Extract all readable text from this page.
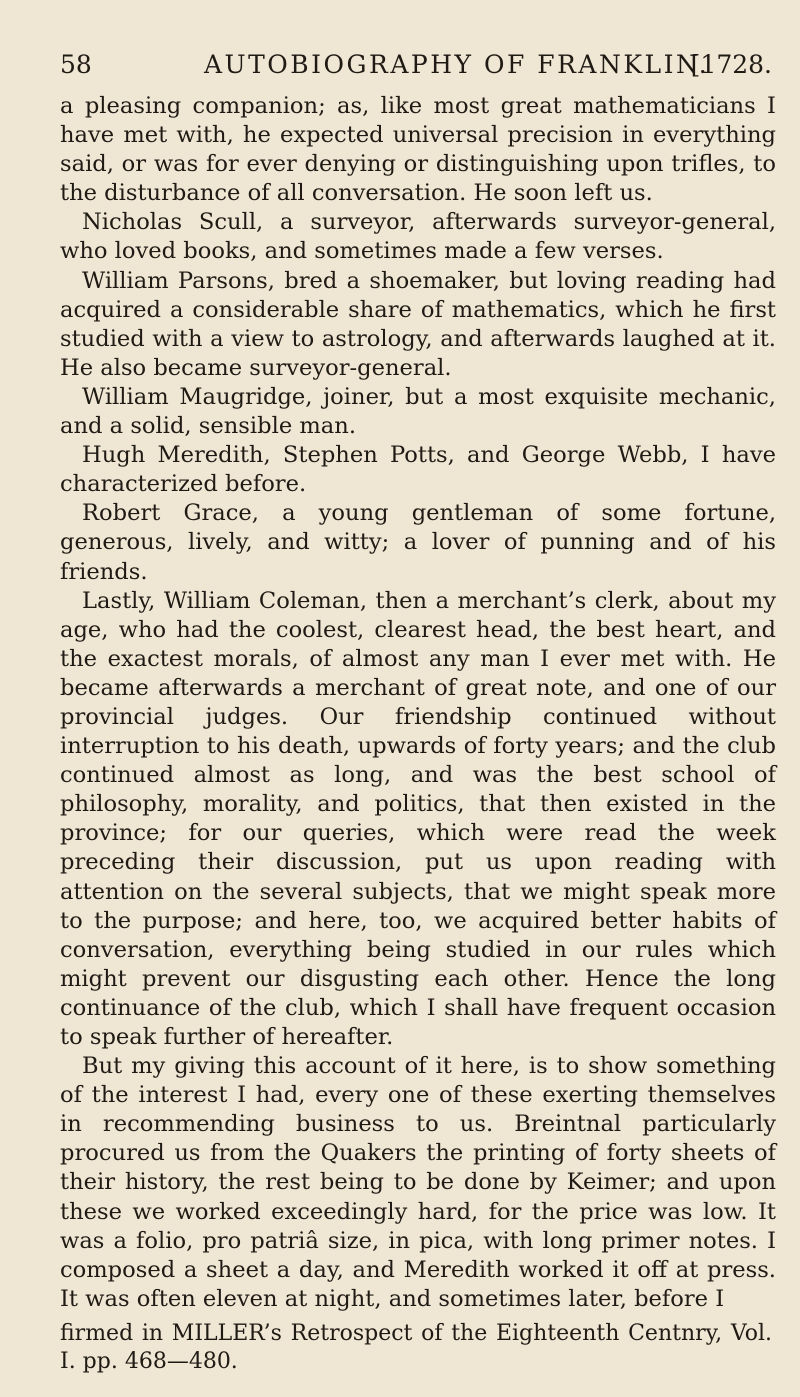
58	AUTOBIOGRAPHY OF FRANKLIN.
[1728.

a pleasing companion; as, like most great mathematicians I have met with, he expected universal precision in everything said, or was for ever denying or distinguishing upon trifles, to the disturbance of all conversation. He soon left us.

Nicholas Scull, a surveyor, afterwards surveyor-general, who loved books, and sometimes made a few verses.

William Parsons, bred a shoemaker, but loving reading had acquired a considerable share of mathematics, which he first studied with a view to astrology, and afterwards laughed at it. He also became surveyor-general.

William Maugridge, joiner, but a most exquisite mechanic, and a solid, sensible man.

Hugh Meredith, Stephen Potts, and George Webb, I have characterized before.

Robert Grace, a young gentleman of some fortune, generous, lively, and witty; a lover of punning and of his friends.

Lastly, William Coleman, then a merchant’s clerk, about my age, who had the coolest, clearest head, the best heart, and the exactest morals, of almost any man I ever met with. He became afterwards a merchant of great note, and one of our provincial judges. Our friendship continued without interruption to his death, upwards of forty years; and the club continued almost as long, and was the best school of philosophy, morality, and politics, that then existed in the province; for our queries, which were read the week preceding their discussion, put us upon reading with attention on the several subjects, that we might speak more to the purpose; and here, too, we acquired better habits of conversation, everything being studied in our rules which might prevent our disgusting each other. Hence the long continuance of the club, which I shall have frequent occasion to speak further of hereafter.

But my giving this account of it here, is to show something of the interest I had, every one of these exerting themselves in recommending business to us. Breintnal particularly procured us from the Quakers the printing of forty sheets of their history, the rest being to be done by Keimer; and upon these we worked exceedingly hard, for the price was low. It was a folio, pro patriâ size, in pica, with long primer notes. I composed a sheet a day, and Meredith worked it off at press. It was often eleven at night, and sometimes later, before I

firmed in MILLER’s Retrospect of the Eighteenth Centnry, Vol. I. pp. 468—480.
